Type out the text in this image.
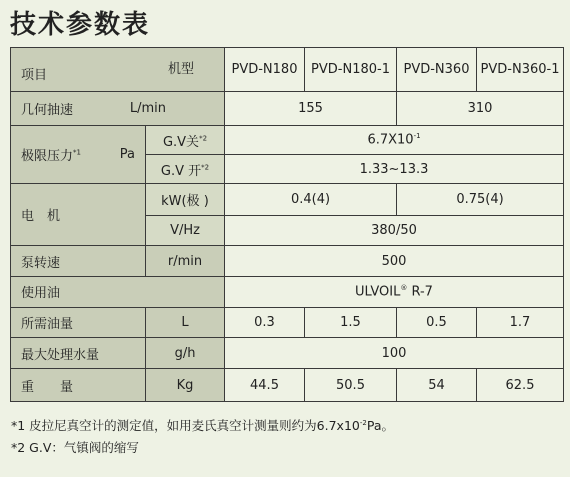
技术参数表
项目 机型		PVD-N180	PVD-N180-1	PVD-N360	PVD-N360-1

几何抽速 L/min		155		310	

极限压力$^{*1}$ Pa	G.V关$^{*2}$	$6.7X10^{-1}$
	G.V 开$^{*2}$	1.33~13.3			
电　机	kW(极 )	0.4(4)		0.75(4)	
	V/Hz	380/50			
泵转速	r/min	500			
使用油		ULVOIL® R-7			
所需油量	L	0.3	1.5	0.5	1.7
最大处理水量	g/h	100			
重　　量	Kg	44.5	50.5	54	62.5
*1 皮拉尼真空计的测定值，如用麦氏真空计测量则约为$6.7x10^{-2}Pa$。
*2 G.V：气镇阀的缩写
